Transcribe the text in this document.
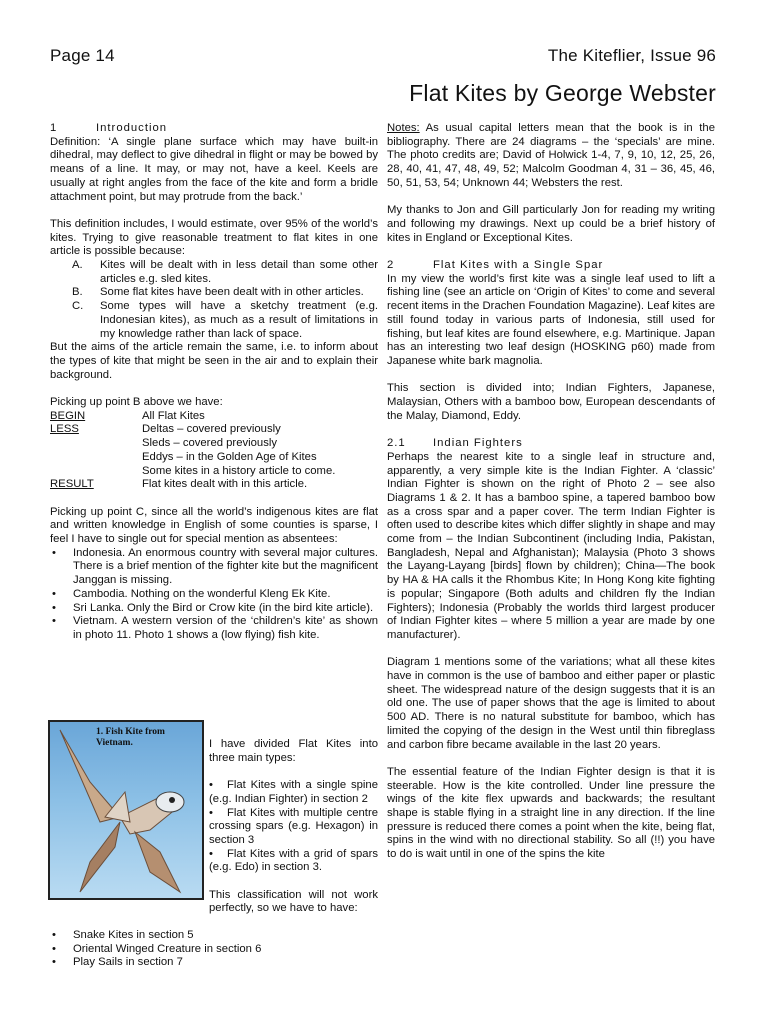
Page 14	The Kiteflier, Issue 96
Flat Kites by George Webster
1	Introduction

Definition: ‘A single plane surface which may have built-in dihedral, may deflect to give dihedral in flight or may be bowed by means of a line. It may, or may not, have a keel. Keels are usually at right angles from the face of the kite and form a bridle attachment point, but may protrude from the back.’

This definition includes, I would estimate, over 95% of the world’s kites. Trying to give reasonable treatment to flat kites in one article is possible because:

A. Kites will be dealt with in less detail than some other articles e.g. sled kites.
B. Some flat kites have been dealt with in other articles.
C. Some types will have a sketchy treatment (e.g. Indonesian kites), as much as a result of limitations in my knowledge rather than lack of space.

But the aims of the article remain the same, i.e. to inform about the types of kite that might be seen in the air and to explain their background.

Picking up point B above we have:

BEGIN	All Flat Kites
LESS	Deltas – covered previously
Sleds – covered previously
Eddys – in the Golden Age of Kites
Some kites in a history article to come.
RESULT	Flat kites dealt with in this article.

Picking up point C, since all the world’s indigenous kites are flat and written knowledge in English of some counties is sparse, I feel I have to single out for special mention as absentees:

• Indonesia. An enormous country with several major cultures. There is a brief mention of the fighter kite but the magnificent Janggan is missing.
• Cambodia. Nothing on the wonderful Kleng Ek Kite.
• Sri Lanka. Only the Bird or Crow kite (in the bird kite article).
• Vietnam. A western version of the ‘children’s kite’ as shown in photo 11. Photo 1 shows a (low flying) fish kite.
1. Fish Kite from Vietnam.	I have divided Flat Kites into three main types:

• Flat Kites with a single spine (e.g. Indian Fighter) in section 2
• Flat Kites with multiple centre crossing spars (e.g. Hexagon) in section 3
• Flat Kites with a grid of spars (e.g. Edo) in section 3.

This classification will not work perfectly, so we have to have:

• Snake Kites in section 5
• Oriental Winged Creature in section 6
• Play Sails in section 7

Notes: As usual capital letters mean that the book is in the bibliography. There are 24 diagrams – the ‘specials’ are mine. The photo credits are; David of Holwick 1-4, 7, 9, 10, 12, 25, 26, 28, 40, 41, 47, 48, 49, 52; Malcolm Goodman 4, 31 – 36, 45, 46, 50, 51, 53, 54; Unknown 44; Websters the rest.

My thanks to Jon and Gill particularly Jon for reading my writing and following my drawings. Next up could be a brief history of kites in England or Exceptional Kites.

2	Flat Kites with a Single Spar

In my view the world’s first kite was a single leaf used to lift a fishing line (see an article on ‘Origin of Kites’ to come and several recent items in the Drachen Foundation Magazine). Leaf kites are still found today in various parts of Indonesia, still used for fishing, but leaf kites are found elsewhere, e.g. Martinique. Japan has an interesting two leaf design (HOSKING p60) made from Japanese white bark magnolia.

This section is divided into; Indian Fighters, Japanese, Malaysian, Others with a bamboo bow, European descendants of the Malay, Diamond, Eddy.

2.1 Indian Fighters

Perhaps the nearest kite to a single leaf in structure and, apparently, a very simple kite is the Indian Fighter. A ‘classic’ Indian Fighter is shown on the right of Photo 2 – see also Diagrams 1 & 2. It has a bamboo spine, a tapered bamboo bow as a cross spar and a paper cover. The term Indian Fighter is often used to describe kites which differ slightly in shape and may come from – the Indian Subcontinent (including India, Pakistan, Bangladesh, Nepal and Afghanistan); Malaysia (Photo 3 shows the Layang-Layang [birds] flown by children); China—The book by HA & HA calls it the Rhombus Kite; In Hong Kong kite fighting is popular; Singapore (Both adults and children fly the Indian Fighters); Indonesia (Probably the worlds third largest producer of Indian Fighter kites – where 5 million a year are made by one manufacturer).

Diagram 1 mentions some of the variations; what all these kites have in common is the use of bamboo and either paper or plastic sheet. The widespread nature of the design suggests that it is an old one. The use of paper shows that the age is limited to about 500 AD. There is no natural substitute for bamboo, which has limited the copying of the design in the West until thin fibreglass and carbon fibre became available in the last 20 years.

The essential feature of the Indian Fighter design is that it is steerable. How is the kite controlled. Under line pressure the wings of the kite flex upwards and backwards; the resultant shape is stable flying in a straight line in any direction. If the line pressure is reduced there comes a point when the kite, being flat, spins in the wind with no directional stability. So all (!!) you have to do is wait until in one of the spins the kite
